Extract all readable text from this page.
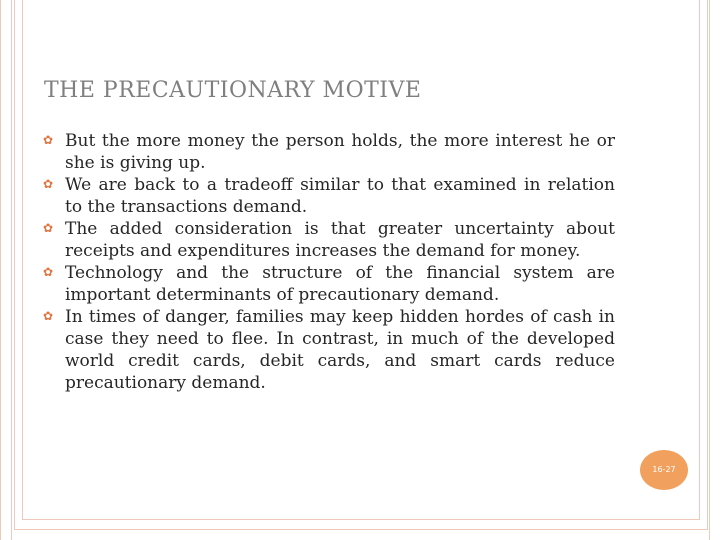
THE PRECAUTIONARY MOTIVE
✿ But the more money the person holds, the more interest he or she is giving up.
✿ We are back to a tradeoff similar to that examined in relation to the transactions demand.
✿ The added consideration is that greater uncertainty about receipts and expenditures increases the demand for money.
✿ Technology and the structure of the financial system are important determinants of precautionary demand.
✿ In times of danger, families may keep hidden hordes of cash in case they need to flee. In contrast, in much of the developed world credit cards, debit cards, and smart cards reduce precautionary demand.
16-27
